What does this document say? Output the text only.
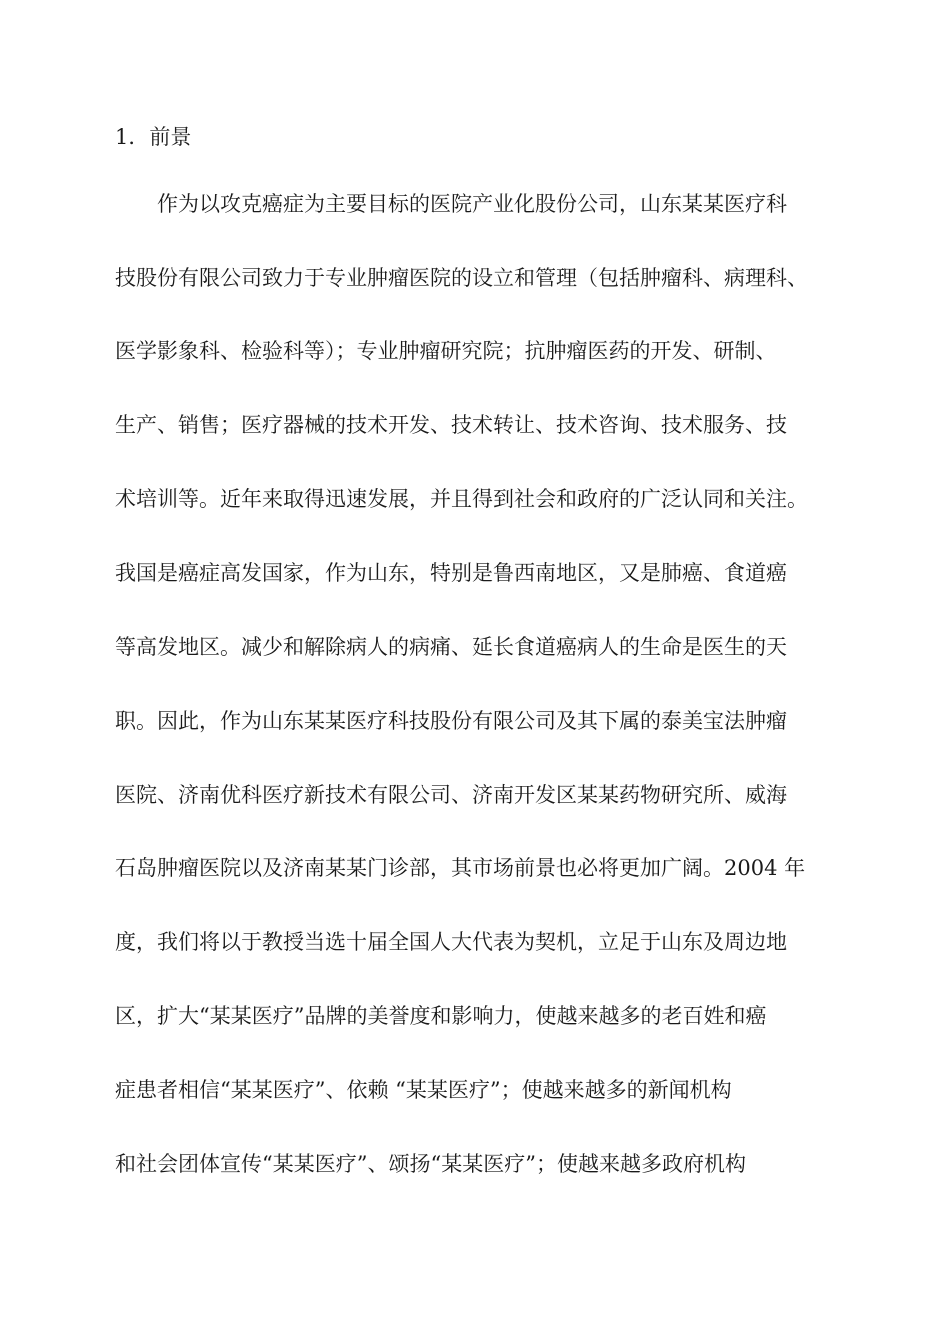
1．前景
作为以攻克癌症为主要目标的医院产业化股份公司，山东某某医疗科
技股份有限公司致力于专业肿瘤医院的设立和管理（包括肿瘤科、病理科、
医学影象科、检验科等）；专业肿瘤研究院；抗肿瘤医药的开发、研制、
生产、销售；医疗器械的技术开发、技术转让、技术咨询、技术服务、技
术培训等。近年来取得迅速发展，并且得到社会和政府的广泛认同和关注。
我国是癌症高发国家，作为山东，特别是鲁西南地区，又是肺癌、食道癌
等高发地区。减少和解除病人的病痛、延长食道癌病人的生命是医生的天
职。因此，作为山东某某医疗科技股份有限公司及其下属的泰美宝法肿瘤
医院、济南优科医疗新技术有限公司、济南开发区某某药物研究所、威海
石岛肿瘤医院以及济南某某门诊部，其市场前景也必将更加广阔。2004 年
度，我们将以于教授当选十届全国人大代表为契机，立足于山东及周边地
区，扩大“某某医疗”品牌的美誉度和影响力，使越来越多的老百姓和癌
症患者相信“某某医疗”、依赖 “某某医疗”；使越来越多的新闻机构
和社会团体宣传“某某医疗”、颂扬“某某医疗”；使越来越多政府机构
